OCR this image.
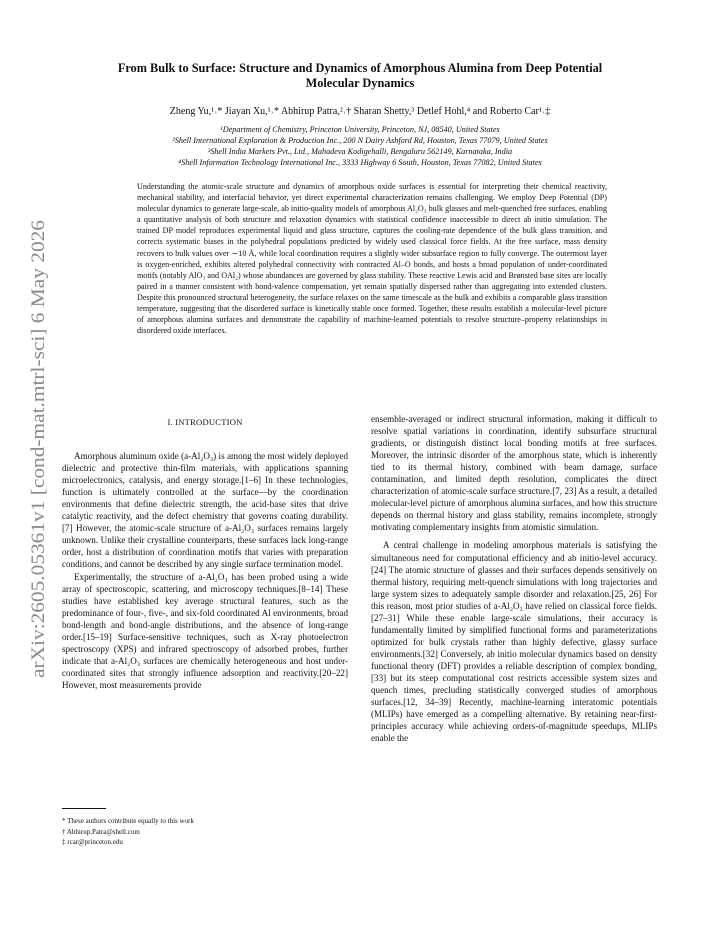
arXiv:2605.05361v1 [cond-mat.mtrl-sci] 6 May 2026
From Bulk to Surface: Structure and Dynamics of Amorphous Alumina from Deep Potential
Molecular Dynamics

Zheng Yu,¹˒* Jiayan Xu,¹˒* Abhirup Patra,²˒† Sharan Shetty,³ Detlef Hohl,⁴ and Roberto Car¹˒‡

¹Department of Chemistry, Princeton University, Princeton, NJ, 08540, United States
²Shell International Exploration & Production Inc., 200 N Dairy Ashford Rd, Houston, Texas 77079, United States
³Shell India Markets Pvt., Ltd., Mahadeva Kodigehalli, Bengaluru 562149, Karnataka, India
⁴Shell Information Technology International Inc., 3333 Highway 6 South, Houston, Texas 77082, United States

Understanding the atomic-scale structure and dynamics of amorphous oxide surfaces is essential for interpreting their chemical reactivity, mechanical stability, and interfacial behavior, yet direct experimental characterization remains challenging. We employ Deep Potential (DP) molecular dynamics to generate large-scale, ab initio-quality models of amorphous Al₂O₃ bulk glasses and melt-quenched free surfaces, enabling a quantitative analysis of both structure and relaxation dynamics with statistical confidence inaccessible to direct ab initio simulation. The trained DP model reproduces experimental liquid and glass structure, captures the cooling-rate dependence of the bulk glass transition, and corrects systematic biases in the polyhedral populations predicted by widely used classical force fields. At the free surface, mass density recovers to bulk values over ∼10 Å, while local coordination requires a slightly wider subsurface region to fully converge. The outermost layer is oxygen-enriched, exhibits altered polyhedral connectivity with contracted Al–O bonds, and hosts a broad population of under-coordinated motifs (notably AlO₃ and OAl₂) whose abundances are governed by glass stability. These reactive Lewis acid and Brønsted base sites are locally paired in a manner consistent with bond-valence compensation, yet remain spatially dispersed rather than aggregating into extended clusters. Despite this pronounced structural heterogeneity, the surface relaxes on the same timescale as the bulk and exhibits a comparable glass transition temperature, suggesting that the disordered surface is kinetically stable once formed. Together, these results establish a molecular-level picture of amorphous alumina surfaces and demonstrate the capability of machine-learned potentials to resolve structure–property relationships in disordered oxide interfaces.

I. INTRODUCTION

Amorphous aluminum oxide (a-Al₂O₃) is among the most widely deployed dielectric and protective thin-film materials, with applications spanning microelectronics, catalysis, and energy storage.[1–6] In these technologies, function is ultimately controlled at the surface—by the coordination environments that define dielectric strength, the acid-base sites that drive catalytic reactivity, and the defect chemistry that governs coating durability.[7] However, the atomic-scale structure of a-Al₂O₃ surfaces remains largely unknown. Unlike their crystalline counterparts, these surfaces lack long-range order, host a distribution of coordination motifs that varies with preparation conditions, and cannot be described by any single surface termination model.

Experimentally, the structure of a-Al₂O₃ has been probed using a wide array of spectroscopic, scattering, and microscopy techniques.[8–14] These studies have established key average structural features, such as the predominance of four-, five-, and six-fold coordinated Al environments, broad bond-length and bond-angle distributions, and the absence of long-range order.[15–19] Surface-sensitive techniques, such as X-ray photoelectron spectroscopy (XPS) and infrared spectroscopy of adsorbed probes, further indicate that a-Al₂O₃ surfaces are chemically heterogeneous and host under-coordinated sites that strongly influence adsorption and reactivity.[20–22] However, most measurements provide

ensemble-averaged or indirect structural information, making it difficult to resolve spatial variations in coordination, identify subsurface structural gradients, or distinguish distinct local bonding motifs at free surfaces. Moreover, the intrinsic disorder of the amorphous state, which is inherently tied to its thermal history, combined with beam damage, surface contamination, and limited depth resolution, complicates the direct characterization of atomic-scale surface structure.[7, 23] As a result, a detailed molecular-level picture of amorphous alumina surfaces, and how this structure depends on thermal history and glass stability, remains incomplete, strongly motivating complementary insights from atomistic simulation.

A central challenge in modeling amorphous materials is satisfying the simultaneous need for computational efficiency and ab initio-level accuracy.[24] The atomic structure of glasses and their surfaces depends sensitively on thermal history, requiring melt-quench simulations with long trajectories and large system sizes to adequately sample disorder and relaxation.[25, 26] For this reason, most prior studies of a-Al₂O₃ have relied on classical force fields.[27–31] While these enable large-scale simulations, their accuracy is fundamentally limited by simplified functional forms and parameterizations optimized for bulk crystals rather than highly defective, glassy surface environments.[32] Conversely, ab initio molecular dynamics based on density functional theory (DFT) provides a reliable description of complex bonding,[33] but its steep computational cost restricts accessible system sizes and quench times, precluding statistically converged studies of amorphous surfaces.[12, 34–39] Recently, machine-learning interatomic potentials (MLIPs) have emerged as a compelling alternative. By retaining near-first-principles accuracy while achieving orders-of-magnitude speedups, MLIPs enable the

* These authors contribute equally to this work
† Abhirup.Patra@shell.com
‡ rcar@princeton.edu
